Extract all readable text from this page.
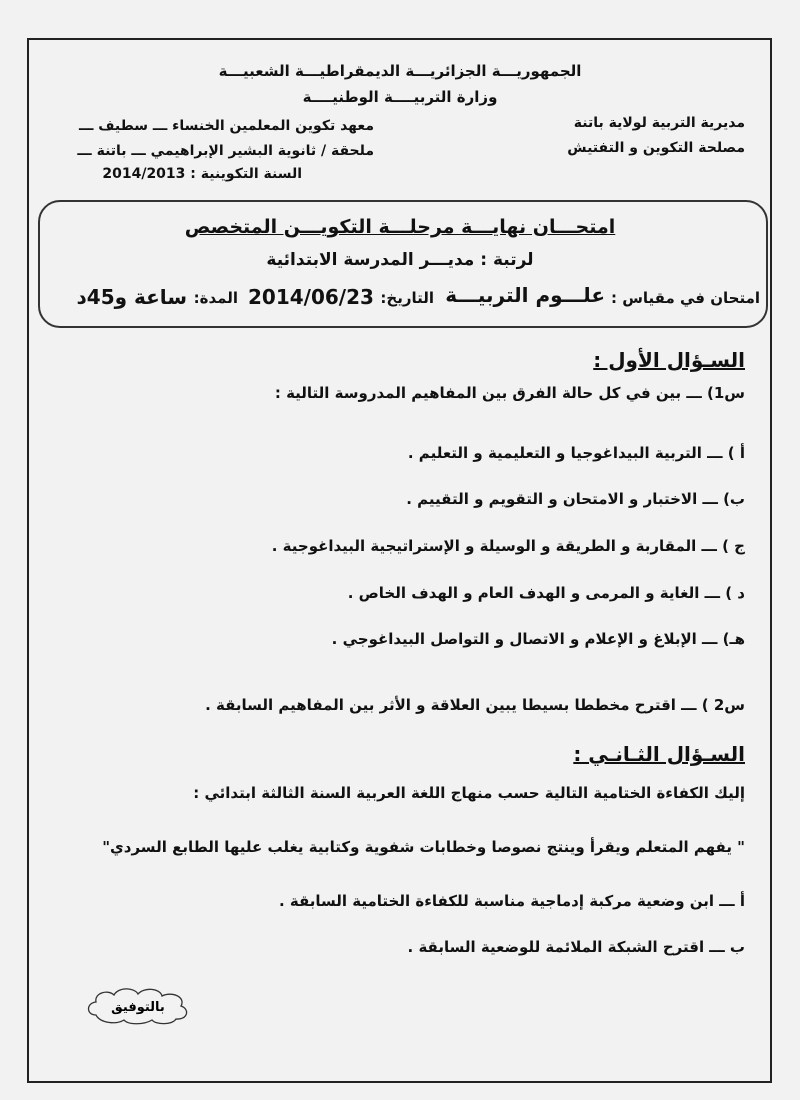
الجمهوريـــة الجزائريـــة الديمقراطيـــة الشعبيـــة
وزارة التربيــــة الوطنيــــة
مديرية التربية لولاية باتنة
مصلحة التكوين و التفتيش
معهد تكوين المعلمين الخنساء ـــ سطيف ـــ
ملحقة / ثانوية البشير الإبراهيمي ـــ باتنة ـــ
السنة التكوينية : 2014/2013
امتحـــان نهايـــة مرحلـــة التكويـــن المتخصص
لرتبة : مديـــر المدرسة الابتدائية
امتحان في مقياس :
علـــوم التربيـــة
التاريخ:
2014/06/23
المدة:
ساعة و45د
السـؤال الأول :
س1) ـــ بين في كل حالة الفرق بين المفاهيم المدروسة التالية :
أ ) ـــ التربية البيداغوجيا و التعليمية و التعليم .
ب) ـــ الاختبار و الامتحان و التقويم و التقييم .
ج ) ـــ المقاربة و الطريقة و الوسيلة و الإستراتيجية البيداغوجية .
د ) ـــ الغاية و المرمى و الهدف العام و الهدف الخاص .
هـ) ـــ الإبلاغ و الإعلام و الاتصال و التواصل البيداغوجي .
س2 ) ـــ اقترح مخططا بسيطا يبين العلاقة و الأثر بين المفاهيم السابقة .
السـؤال الثـانـي :
إليك الكفاءة الختامية التالية حسب منهاج اللغة العربية السنة الثالثة ابتدائي :
" يفهم المتعلم ويقرأ وينتج نصوصا وخطابات شفوية وكتابية يغلب عليها الطابع السردي"
أ ـــ ابن وضعية مركبة إدماجية مناسبة للكفاءة الختامية السابقة .
ب ـــ اقترح الشبكة الملائمة للوضعية السابقة .
بالتوفيق
